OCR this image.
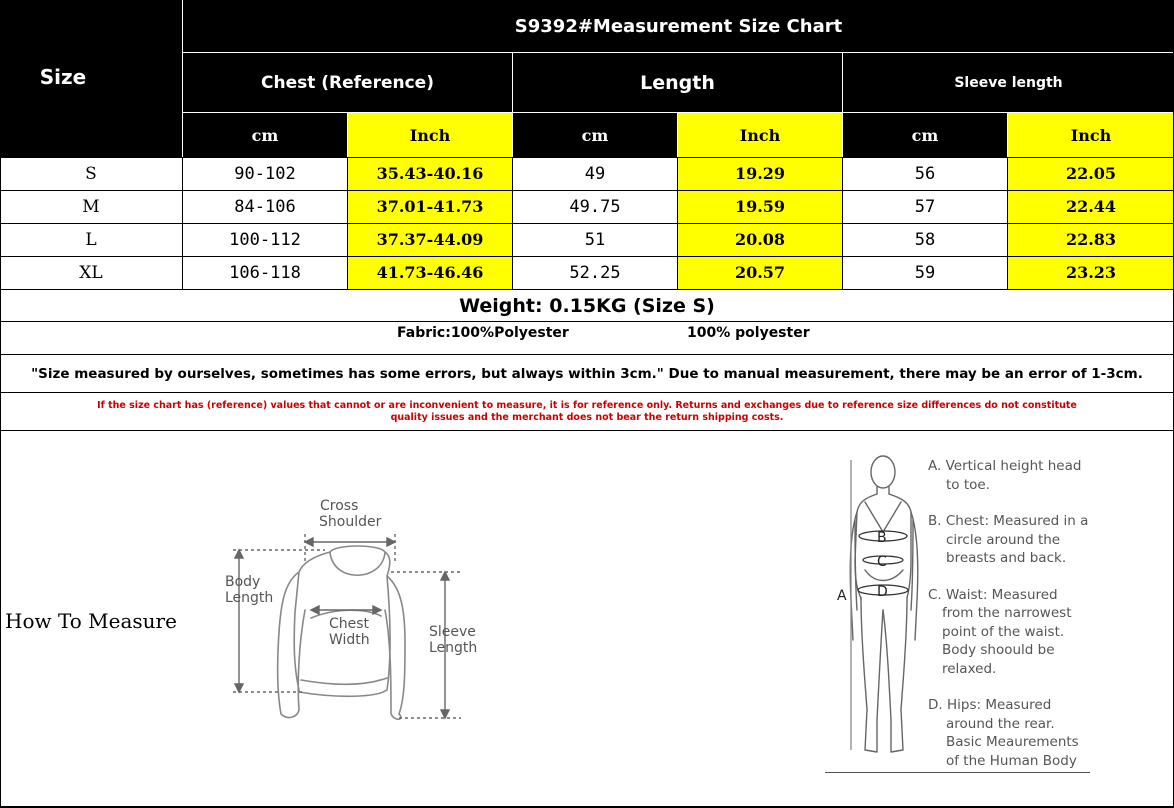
Size
S9392#Measurement Size Chart
Chest (Reference)	Length	Sleeve length
cm	Inch	cm	Inch	cm	Inch
S	90-102	35.43-40.16	49	19.29	56	22.05
M	84-106	37.01-41.73	49.75	19.59	57	22.44
L	100-112	37.37-44.09	51	20.08	58	22.83
XL	106-118	41.73-46.46	52.25	20.57	59	23.23
Weight: 0.15KG (Size S)
Fabric:100%Polyester	100% polyester
"Size measured by ourselves, sometimes has some errors, but always within 3cm." Due to manual measurement, there may be an error of 1-3cm.
If the size chart has (reference) values that cannot or are inconvenient to measure, it is for reference only. Returns and exchanges due to reference size differences do not constitute quality issues and the merchant does not bear the return shipping costs.
How To Measure
Cross
Shoulder
Body
Length
Chest
Width	Sleeve
Length
B
C
D
A
A. Vertical height head
to toe.
B. Chest: Measured in a
circle around the
breasts and back.
C. Waist: Measured
from the narrowest
point of the waist.
Body shoould be
relaxed.
D. Hips: Measured
around the rear.
Basic Meaurements
of the Human Body
